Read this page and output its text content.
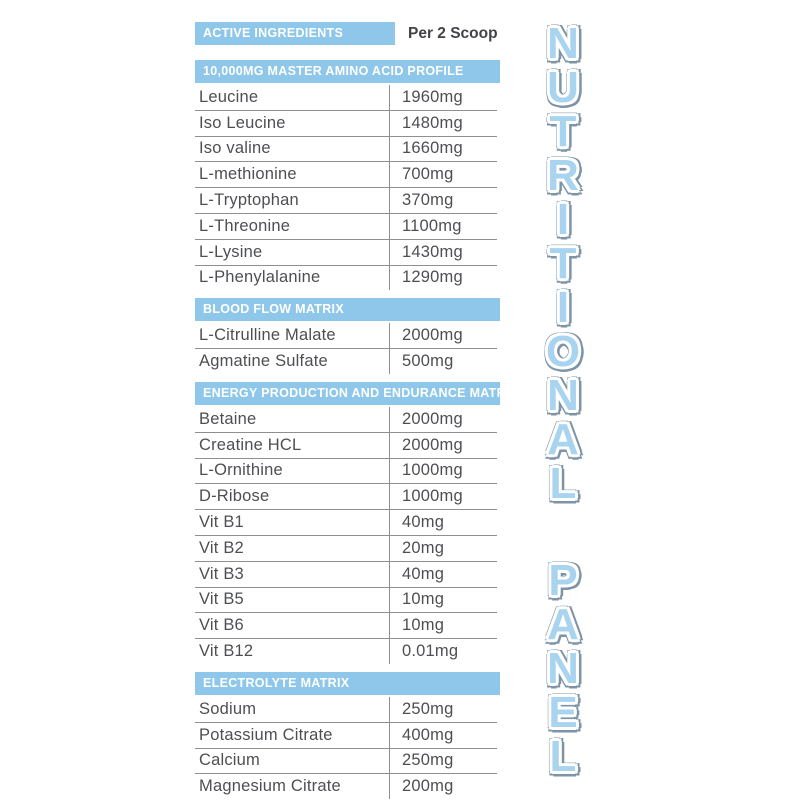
ACTIVE INGREDIENTS	Per 2 Scoop
10,000MG MASTER AMINO ACID PROFILE
Leucine	1960mg
Iso Leucine	1480mg
Iso valine	1660mg
L-methionine	700mg
L-Tryptophan	370mg
L-Threonine	1100mg
L-Lysine	1430mg
L-Phenylalanine	1290mg
BLOOD FLOW MATRIX
L-Citrulline Malate	2000mg
Agmatine Sulfate	500mg
ENERGY PRODUCTION AND ENDURANCE MATRIX
Betaine	2000mg
Creatine HCL	2000mg
L-Ornithine	1000mg
D-Ribose	1000mg
Vit B1	40mg
Vit B2	20mg
Vit B3	40mg
Vit B5	10mg
Vit B6	10mg
Vit B12	0.01mg
ELECTROLYTE MATRIX
Sodium	250mg
Potassium Citrate	400mg
Calcium	250mg
Magnesium Citrate	200mg
N
U
T
R
I
T
I
O
N
A
L
P
A
N
E
L
